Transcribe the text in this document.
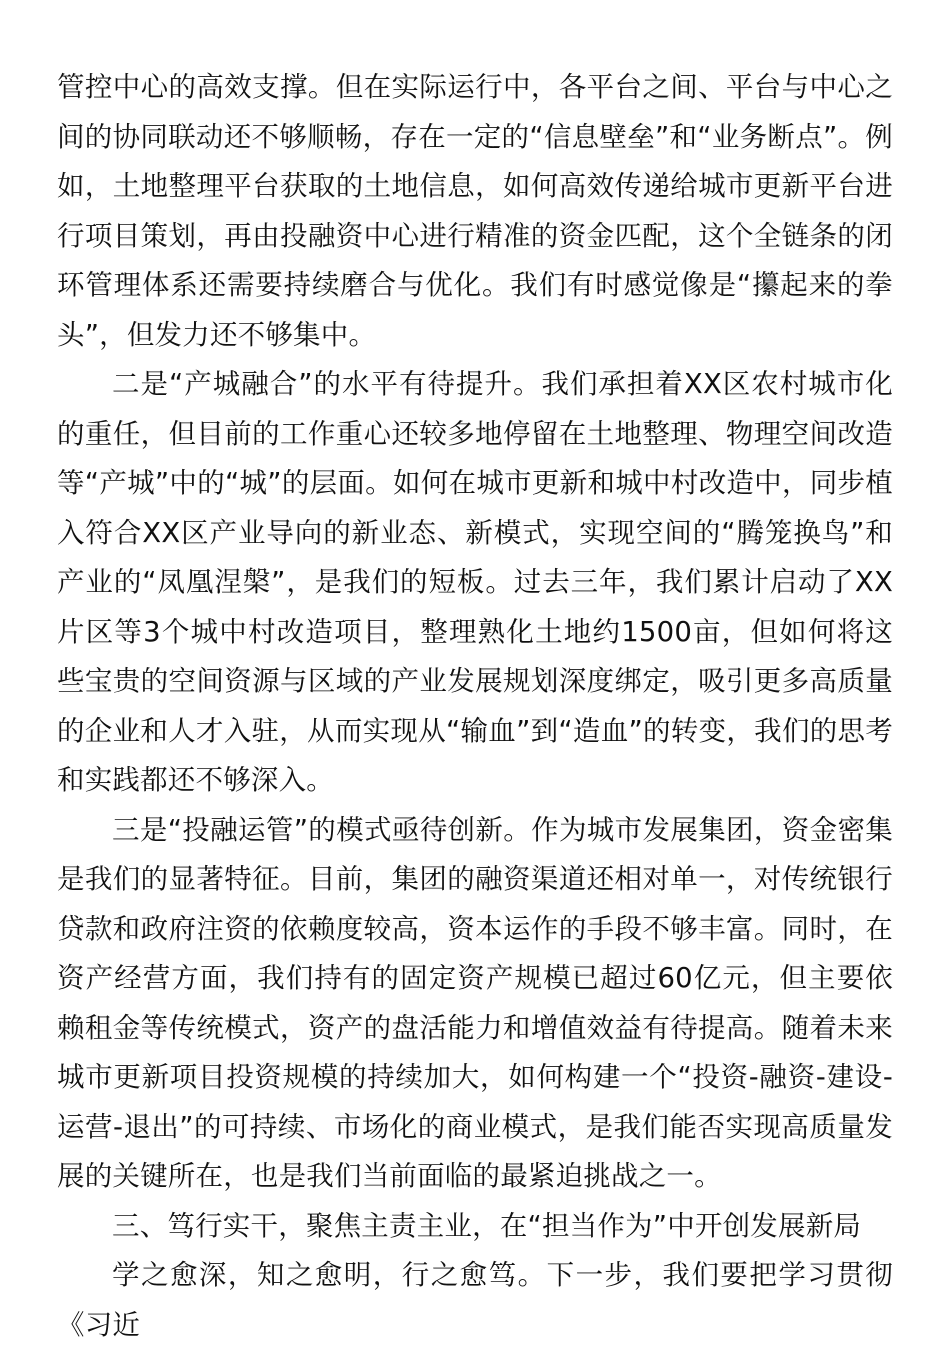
管控中心的高效支撑。但在实际运行中，各平台之间、平台与中心之间的协同联动还不够顺畅，存在一定的“信息壁垒”和“业务断点”。例如，土地整理平台获取的土地信息，如何高效传递给城市更新平台进行项目策划，再由投融资中心进行精准的资金匹配，这个全链条的闭环管理体系还需要持续磨合与优化。我们有时感觉像是“攥起来的拳头”，但发力还不够集中。

二是“产城融合”的水平有待提升。我们承担着XX区农村城市化的重任，但目前的工作重心还较多地停留在土地整理、物理空间改造等“产城”中的“城”的层面。如何在城市更新和城中村改造中，同步植入符合XX区产业导向的新业态、新模式，实现空间的“腾笼换鸟”和产业的“凤凰涅槃”，是我们的短板。过去三年，我们累计启动了XX片区等3个城中村改造项目，整理熟化土地约1500亩，但如何将这些宝贵的空间资源与区域的产业发展规划深度绑定，吸引更多高质量的企业和人才入驻，从而实现从“输血”到“造血”的转变，我们的思考和实践都还不够深入。

三是“投融运管”的模式亟待创新。作为城市发展集团，资金密集是我们的显著特征。目前，集团的融资渠道还相对单一，对传统银行贷款和政府注资的依赖度较高，资本运作的手段不够丰富。同时，在资产经营方面，我们持有的固定资产规模已超过60亿元，但主要依赖租金等传统模式，资产的盘活能力和增值效益有待提高。随着未来城市更新项目投资规模的持续加大，如何构建一个“投资-融资-建设-运营-退出”的可持续、市场化的商业模式，是我们能否实现高质量发展的关键所在，也是我们当前面临的最紧迫挑战之一。

三、笃行实干，聚焦主责主业，在“担当作为”中开创发展新局

学之愈深，知之愈明，行之愈笃。下一步，我们要把学习贯彻《习近
